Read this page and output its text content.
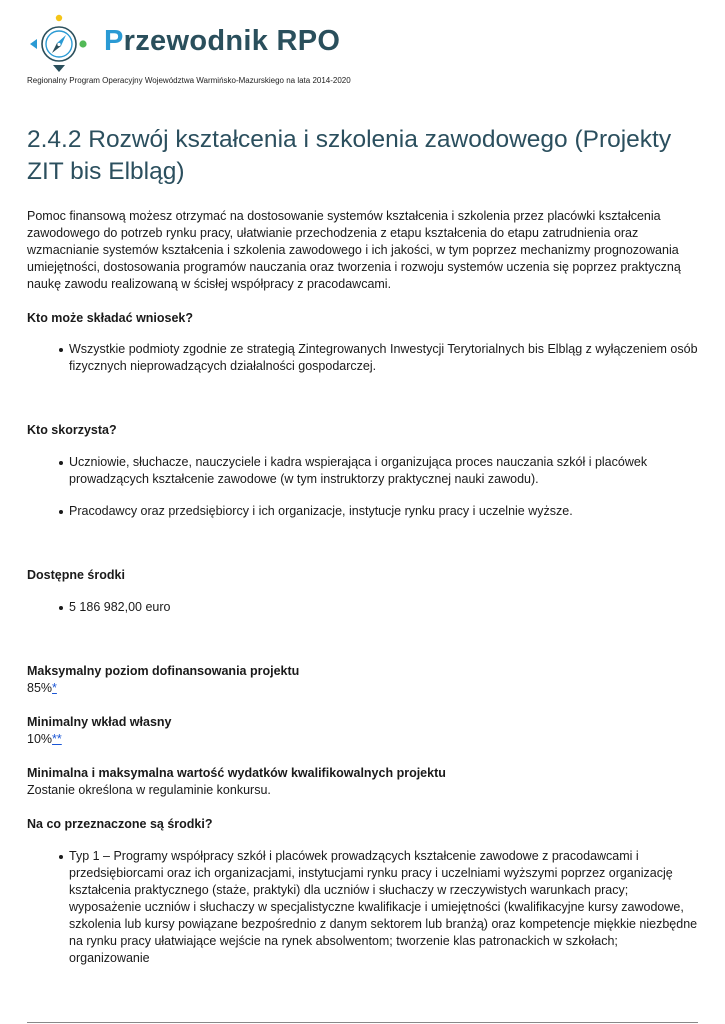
Przewodnik RPO
Regionalny Program Operacyjny Województwa Warmińsko-Mazurskiego na lata 2014-2020
2.4.2 Rozwój kształcenia i szkolenia zawodowego (Projekty ZIT bis Elbląg)

Pomoc finansową możesz otrzymać na dostosowanie systemów kształcenia i szkolenia przez placówki kształcenia zawodowego do potrzeb rynku pracy, ułatwianie przechodzenia z etapu kształcenia do etapu zatrudnienia oraz wzmacnianie systemów kształcenia i szkolenia zawodowego i ich jakości, w tym poprzez mechanizmy prognozowania umiejętności, dostosowania programów nauczania oraz tworzenia i rozwoju systemów uczenia się poprzez praktyczną naukę zawodu realizowaną w ścisłej współpracy z pracodawcami.

Kto może składać wniosek?
Wszystkie podmioty zgodnie ze strategią Zintegrowanych Inwestycji Terytorialnych bis Elbląg z wyłączeniem osób fizycznych nieprowadzących działalności gospodarczej.
Kto skorzysta?
Uczniowie, słuchacze, nauczyciele i kadra wspierająca i organizująca proces nauczania szkół i placówek prowadzących kształcenie zawodowe (w tym instruktorzy praktycznej nauki zawodu).
Pracodawcy oraz przedsiębiorcy i ich organizacje, instytucje rynku pracy i uczelnie wyższe.
Dostępne środki
5 186 982,00 euro
Maksymalny poziom dofinansowania projektu
85%*
Minimalny wkład własny
10%**
Minimalna i maksymalna wartość wydatków kwalifikowalnych projektu
Zostanie określona w regulaminie konkursu.
Na co przeznaczone są środki?
Typ 1 – Programy współpracy szkół i placówek prowadzących kształcenie zawodowe z pracodawcami i przedsiębiorcami oraz ich organizacjami, instytucjami rynku pracy i uczelniami wyższymi poprzez organizację kształcenia praktycznego (staże, praktyki) dla uczniów i słuchaczy w rzeczywistych warunkach pracy; wyposażenie uczniów i słuchaczy w specjalistyczne kwalifikacje i umiejętności (kwalifikacyjne kursy zawodowe, szkolenia lub kursy powiązane bezpośrednio z danym sektorem lub branżą) oraz kompetencje miękkie niezbędne na rynku pracy ułatwiające wejście na rynek absolwentom; tworzenie klas patronackich w szkołach; organizowanie
